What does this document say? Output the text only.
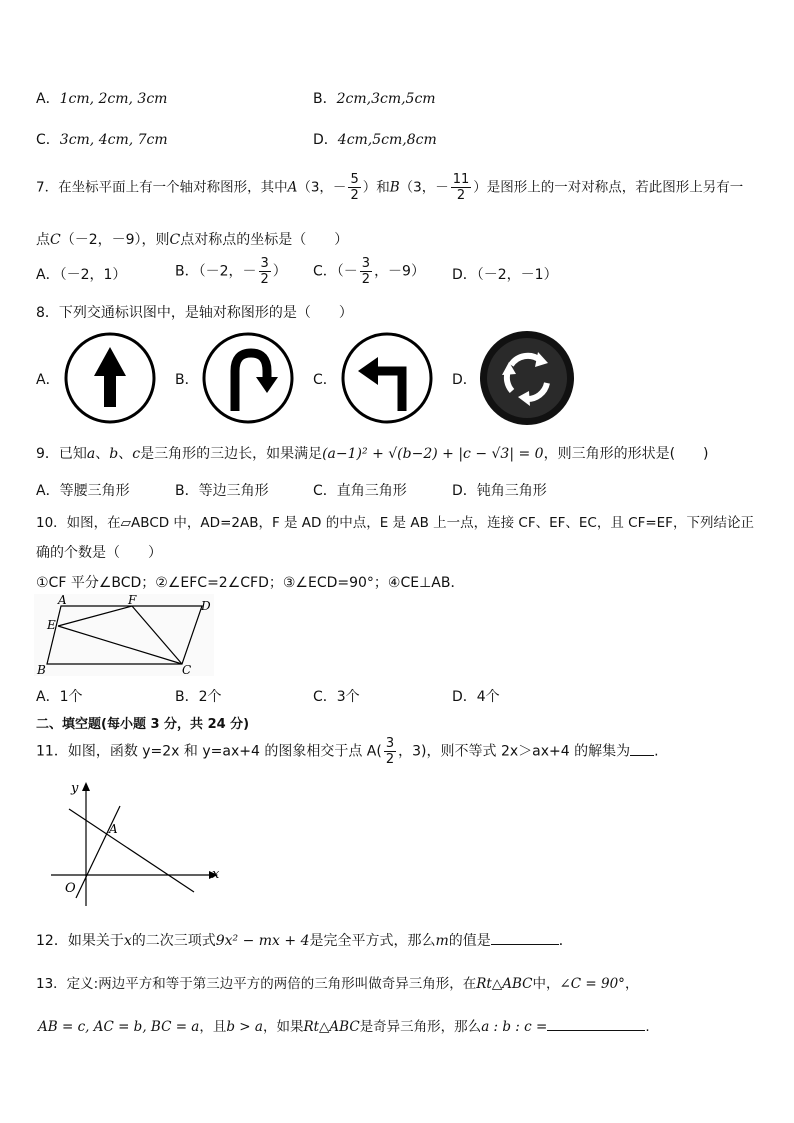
A．1cm, 2cm, 3cm	B．2cm,3cm,5cm
C．3cm, 4cm, 7cm	D．4cm,5cm,8cm
7．在坐标平面上有一个轴对称图形，其中A（3，－ $\frac{5}{2}$ ）和B（3，－ $\frac{11}{2}$ ）是图形上的一对对称点，若此图形上另有一
点C（－2，－9），则C点对称点的坐标是（　　）
A．（－2，1）	B．（－2，－ $\frac{3}{2}$ ） C．（－ $\frac{3}{2}$ ，－9） D．（－2，－1）
8．下列交通标识图中，是轴对称图形的是（　　）
A．	B．	C．	D．
9．已知a、b、c是三角形的三边长，如果满足(a−1)² + √(b−2) + |c − √3| = 0，则三角形的形状是(　　)
A．等腰三角形	B．等边三角形	C．直角三角形	D．钝角三角形
10．如图，在▱ABCD 中，AD=2AB，F 是 AD 的中点，E 是 AB 上一点，连接 CF、EF、EC，且 CF=EF，下列结论正
确的个数是（　　）
①CF 平分∠BCD；②∠EFC=2∠CFD；③∠ECD=90°；④CE⊥AB．
A	F	D
E
B	C
A．1个	B．2个	C．3个	D．4个
二、填空题(每小题 3 分，共 24 分)
11．如图，函数 y=2x 和 y=ax+4 的图象相交于点 $A( \frac{3}{2}$ ，3)，则不等式 2x＞ax+4 的解集为 .
y
x
A
O
12．如果关于x的二次三项式9x² − mx + 4是完全平方式，那么m的值是	．
13．定义:两边平方和等于第三边平方的两倍的三角形叫做奇异三角形，在Rt△ABC中，∠C = 90°，
AB = c, AC = b, BC = a，且b > a，如果Rt△ABC是奇异三角形，那么a : b : c =	.
